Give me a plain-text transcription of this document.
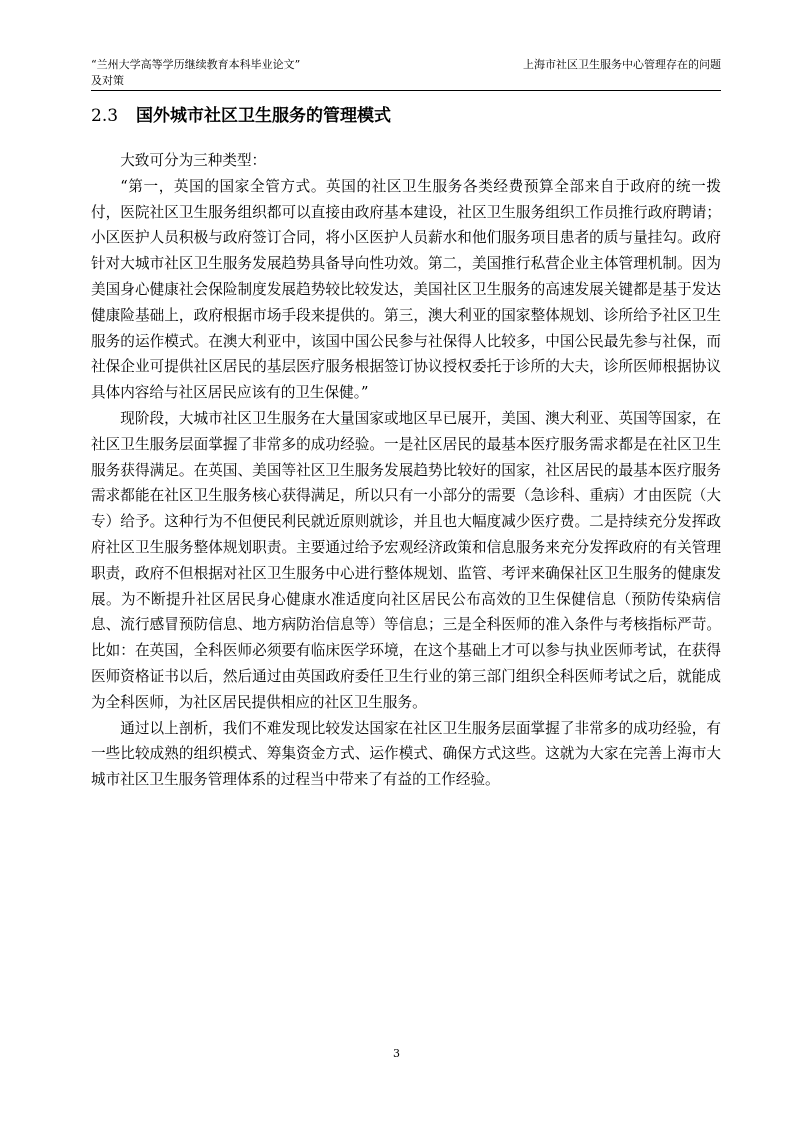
“兰州大学高等学历继续教育本科毕业论文”
及对策
上海市社区卫生服务中心管理存在的问题
2.3 国外城市社区卫生服务的管理模式

大致可分为三种类型：

“第一，英国的国家全管方式。英国的社区卫生服务各类经费预算全部来自于政府的统一拨付，医院社区卫生服务组织都可以直接由政府基本建设，社区卫生服务组织工作员推行政府聘请；小区医护人员积极与政府签订合同，将小区医护人员薪水和他们服务项目患者的质与量挂勾。政府针对大城市社区卫生服务发展趋势具备导向性功效。第二，美国推行私营企业主体管理机制。因为美国身心健康社会保险制度发展趋势较比较发达，美国社区卫生服务的高速发展关键都是基于发达健康险基础上，政府根据市场手段来提供的。第三，澳大利亚的国家整体规划、诊所给予社区卫生服务的运作模式。在澳大利亚中，该国中国公民参与社保得人比较多，中国公民最先参与社保，而社保企业可提供社区居民的基层医疗服务根据签订协议授权委托于诊所的大夫，诊所医师根据协议具体内容给与社区居民应该有的卫生保健。”

现阶段，大城市社区卫生服务在大量国家或地区早已展开，美国、澳大利亚、英国等国家，在社区卫生服务层面掌握了非常多的成功经验。一是社区居民的最基本医疗服务需求都是在社区卫生服务获得满足。在英国、美国等社区卫生服务发展趋势比较好的国家，社区居民的最基本医疗服务需求都能在社区卫生服务核心获得满足，所以只有一小部分的需要（急诊科、重病）才由医院（大专）给予。这种行为不但便民利民就近原则就诊，并且也大幅度减少医疗费。二是持续充分发挥政府社区卫生服务整体规划职责。主要通过给予宏观经济政策和信息服务来充分发挥政府的有关管理职责，政府不但根据对社区卫生服务中心进行整体规划、监管、考评来确保社区卫生服务的健康发展。为不断提升社区居民身心健康水准适度向社区居民公布高效的卫生保健信息（预防传染病信息、流行感冒预防信息、地方病防治信息等）等信息；三是全科医师的准入条件与考核指标严苛。比如：在英国，全科医师必须要有临床医学环境，在这个基础上才可以参与执业医师考试，在获得医师资格证书以后，然后通过由英国政府委任卫生行业的第三部门组织全科医师考试之后，就能成为全科医师，为社区居民提供相应的社区卫生服务。

通过以上剖析，我们不难发现比较发达国家在社区卫生服务层面掌握了非常多的成功经验，有一些比较成熟的组织模式、筹集资金方式、运作模式、确保方式这些。这就为大家在完善上海市大城市社区卫生服务管理体系的过程当中带来了有益的工作经验。

3
